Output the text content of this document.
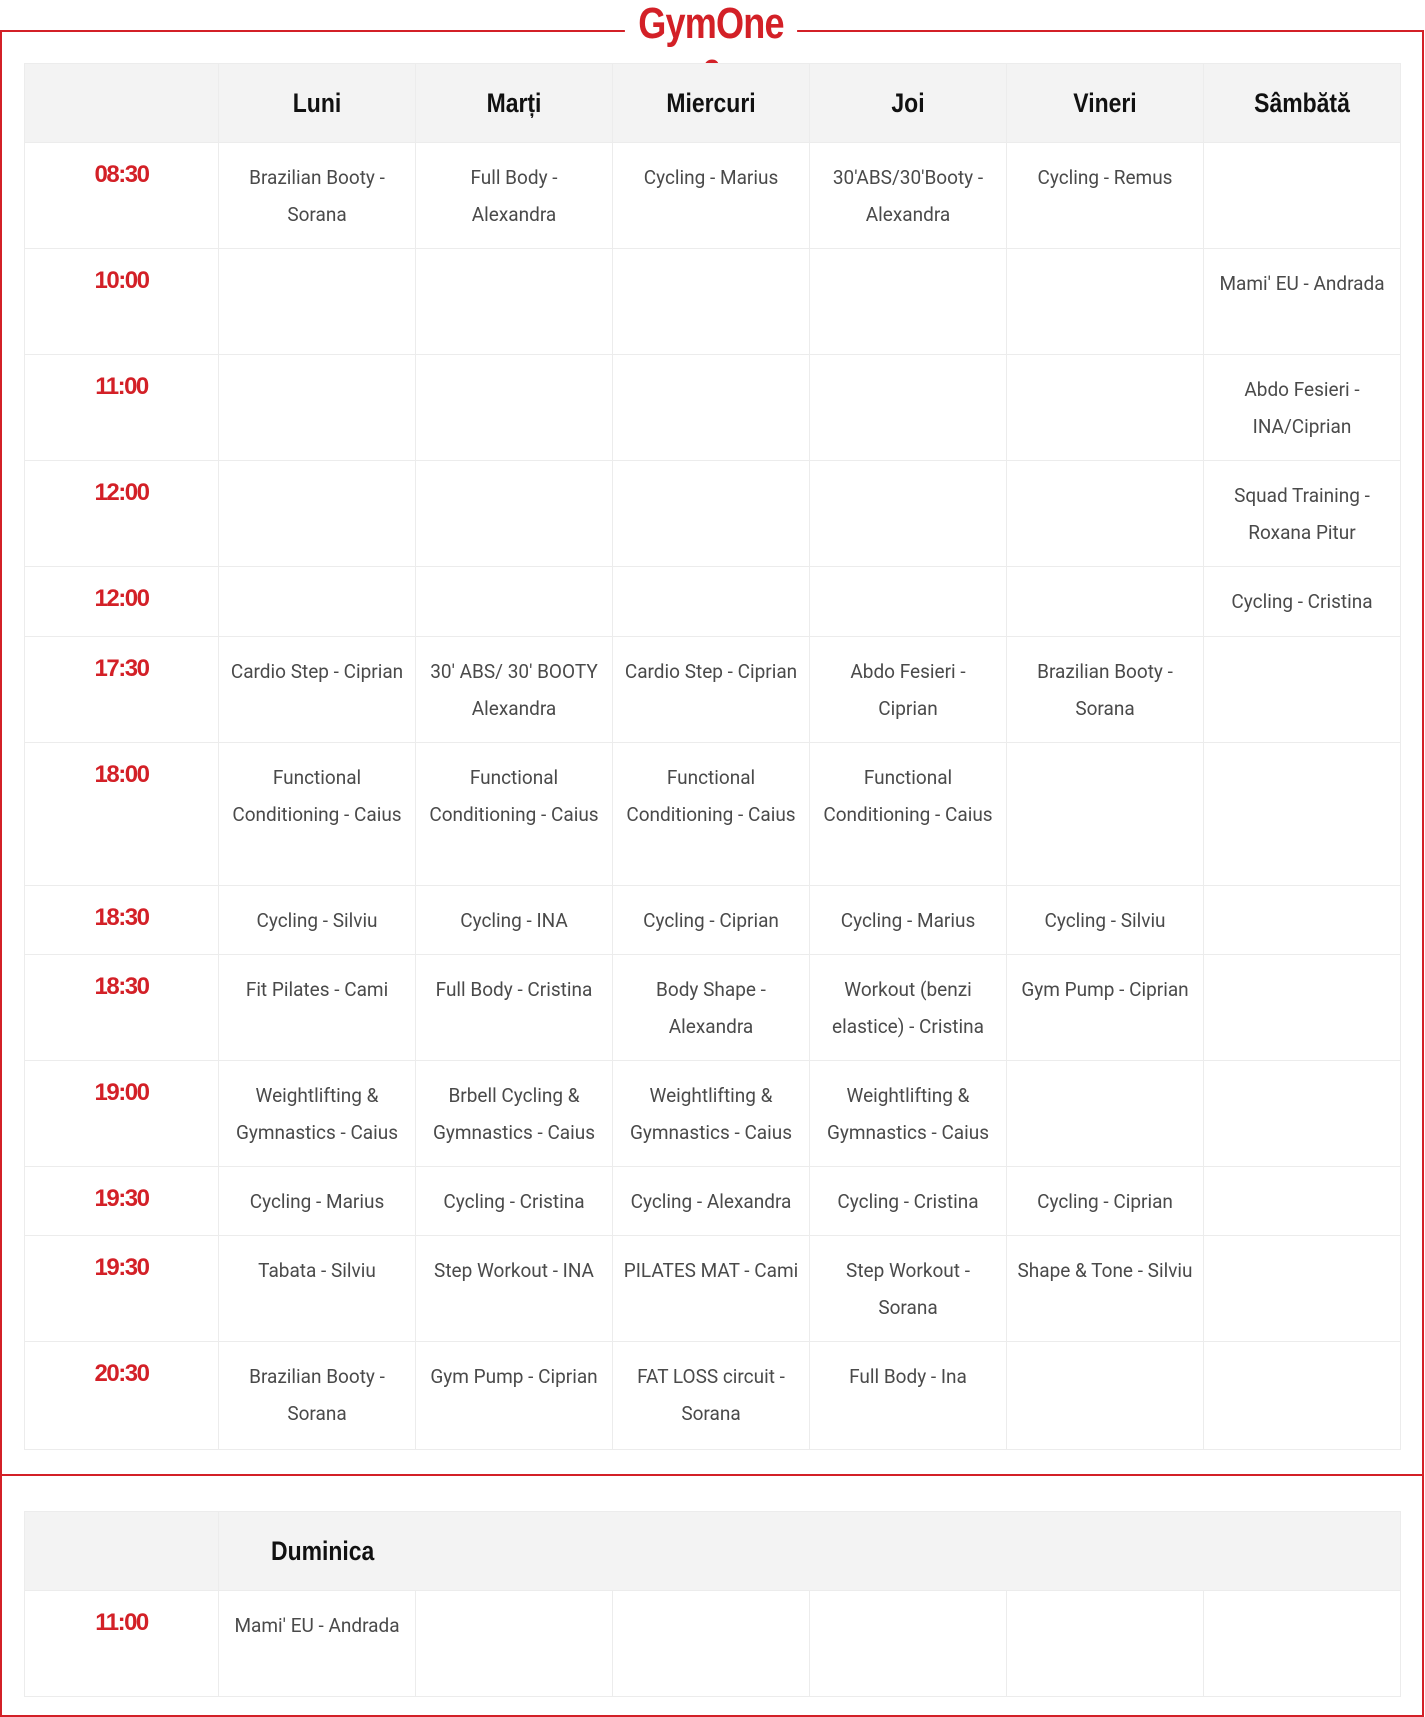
GymOne

	Luni	Marți	Miercuri	Joi	Vineri	Sâmbătă

08:30	Brazilian Booty - Sorana	Full Body - Alexandra	Cycling - Marius	30'ABS/30'Booty - Alexandra	Cycling - Remus	
10:00						Mami' EU - Andrada
11:00						Abdo Fesieri - INA/Ciprian
12:00						Squad Training - Roxana Pitur
12:00						Cycling - Cristina
17:30	Cardio Step - Ciprian	30' ABS/ 30' BOOTY Alexandra	Cardio Step - Ciprian	Abdo Fesieri - Ciprian	Brazilian Booty - Sorana	
18:00	Functional Conditioning - Caius	Functional Conditioning - Caius	Functional Conditioning - Caius	Functional Conditioning - Caius		
18:30	Cycling - Silviu	Cycling - INA	Cycling - Ciprian	Cycling - Marius	Cycling - Silviu	
18:30	Fit Pilates - Cami	Full Body - Cristina	Body Shape - Alexandra	Workout (benzi elastice) - Cristina	Gym Pump - Ciprian	
19:00	Weightlifting & Gymnastics - Caius	Brbell Cycling & Gymnastics - Caius	Weightlifting & Gymnastics - Caius	Weightlifting & Gymnastics - Caius		
19:30	Cycling - Marius	Cycling - Cristina	Cycling - Alexandra	Cycling - Cristina	Cycling - Ciprian	
19:30	Tabata - Silviu	Step Workout - INA	PILATES MAT - Cami	Step Workout - Sorana	Shape & Tone - Silviu	
20:30	Brazilian Booty - Sorana	Gym Pump - Ciprian	FAT LOSS circuit - Sorana	Full Body - Ina		
	Duminica					
11:00	Mami' EU - Andrada					
